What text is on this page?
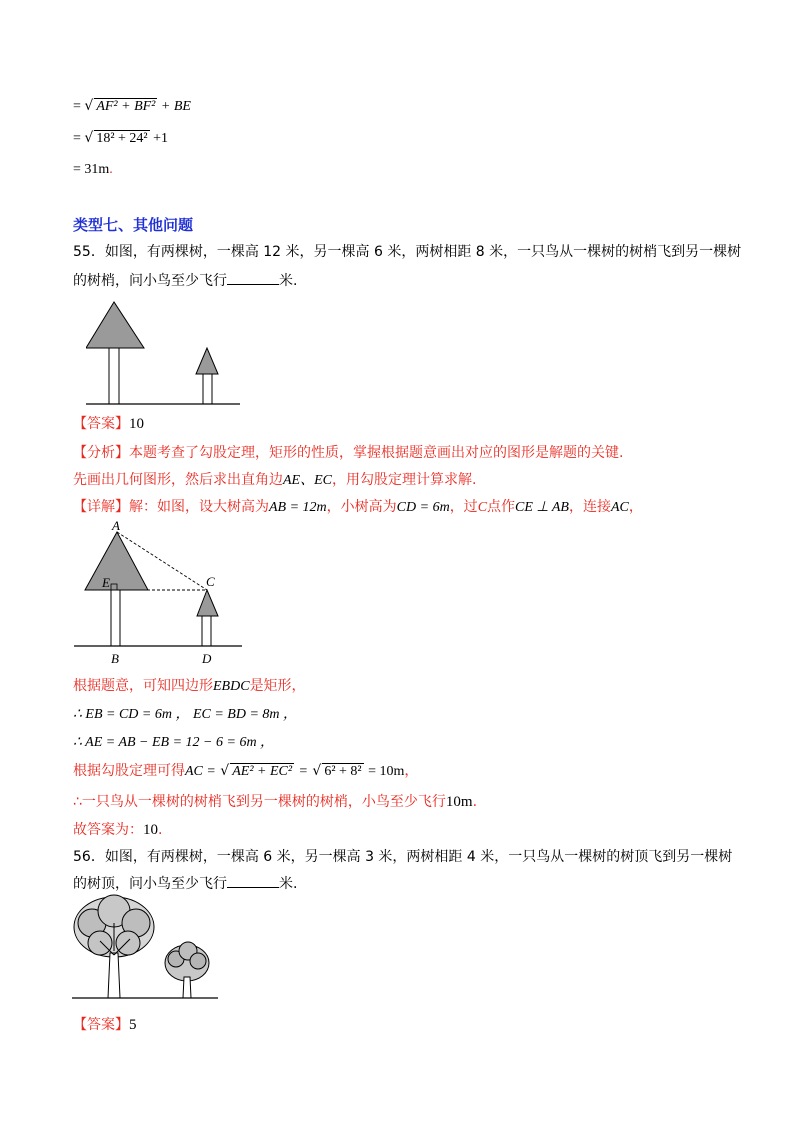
= √ AF² + BF² + BE
= √ 18² + 24² +1
= 31m.
类型七、其他问题
55．如图，有两棵树，一棵高 12 米，另一棵高 6 米，两树相距 8 米，一只鸟从一棵树的树梢飞到另一棵树
的树梢，问小鸟至少飞行	米.
【答案】10
【分析】本题考查了勾股定理，矩形的性质，掌握根据题意画出对应的图形是解题的关键.
先画出几何图形，然后求出直角边AE、EC，用勾股定理计算求解.
【详解】解：如图，设大树高为AB = 12m，小树高为CD = 6m，过C点作CE ⊥ AB，连接AC，
A
E	C
B	D
根据题意，可知四边形EBDC是矩形，
∴ EB = CD = 6m ， EC = BD = 8m ，
∴ AE = AB − EB = 12 − 6 = 6m ，
根据勾股定理可得AC = √ AE² + EC² = √ 6² + 8² = 10m，
∴一只鸟从一棵树的树梢飞到另一棵树的树梢，小鸟至少飞行10m.
故答案为：10.
56．如图，有两棵树，一棵高 6 米，另一棵高 3 米，两树相距 4 米，一只鸟从一棵树的树顶飞到另一棵树
的树顶，问小鸟至少飞行	米.
【答案】5
